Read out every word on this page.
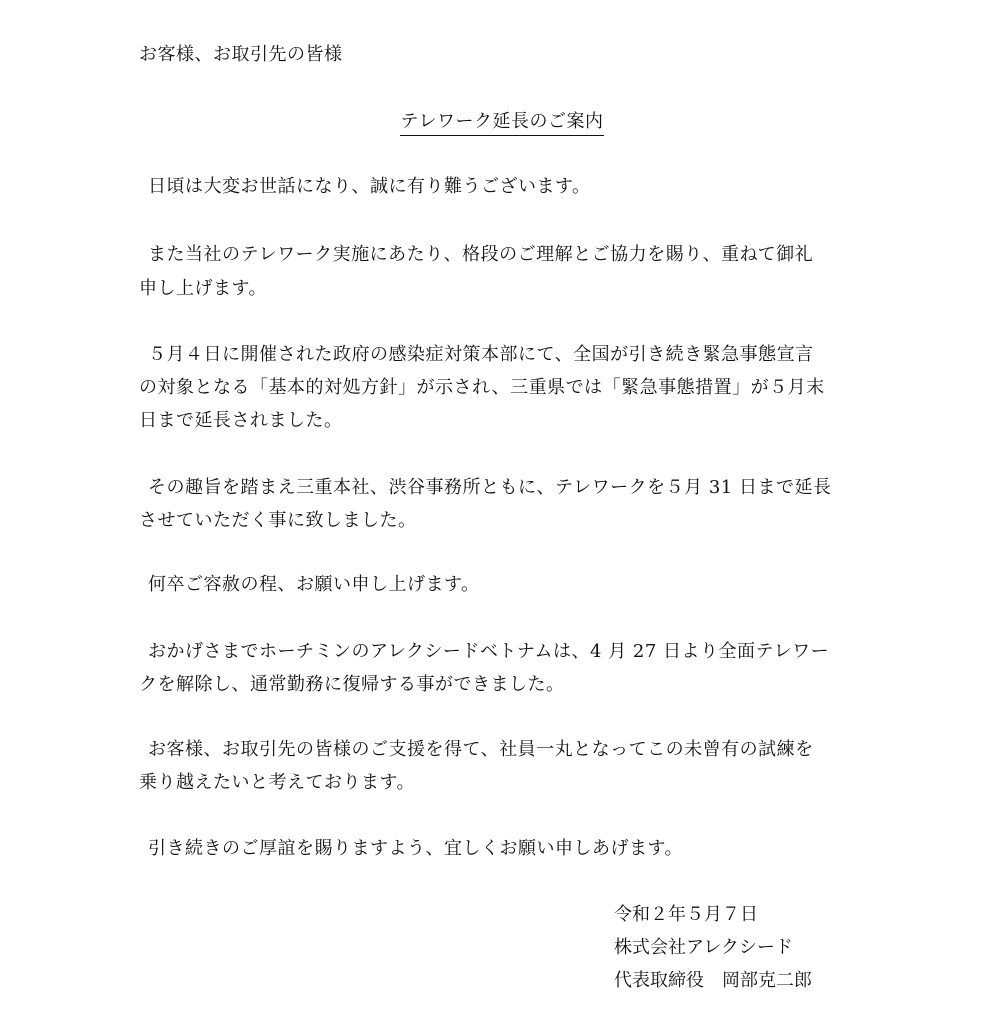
お客様、お取引先の皆様
テレワーク延長のご案内
日頃は大変お世話になり、誠に有り難うございます。
また当社のテレワーク実施にあたり、格段のご理解とご協力を賜り、重ねて御礼
申し上げます。
５月４日に開催された政府の感染症対策本部にて、全国が引き続き緊急事態宣言
の対象となる「基本的対処方針」が示され、三重県では「緊急事態措置」が５月末
日まで延長されました。
その趣旨を踏まえ三重本社、渋谷事務所ともに、テレワークを５月 31 日まで延長
させていただく事に致しました。
何卒ご容赦の程、お願い申し上げます。
おかげさまでホーチミンのアレクシードベトナムは、4 月 27 日より全面テレワー
クを解除し、通常勤務に復帰する事ができました。
お客様、お取引先の皆様のご支援を得て、社員一丸となってこの未曾有の試練を
乗り越えたいと考えております。
引き続きのご厚誼を賜りますよう、宜しくお願い申しあげます。
令和２年５月７日
株式会社アレクシード
代表取締役　岡部克二郎
